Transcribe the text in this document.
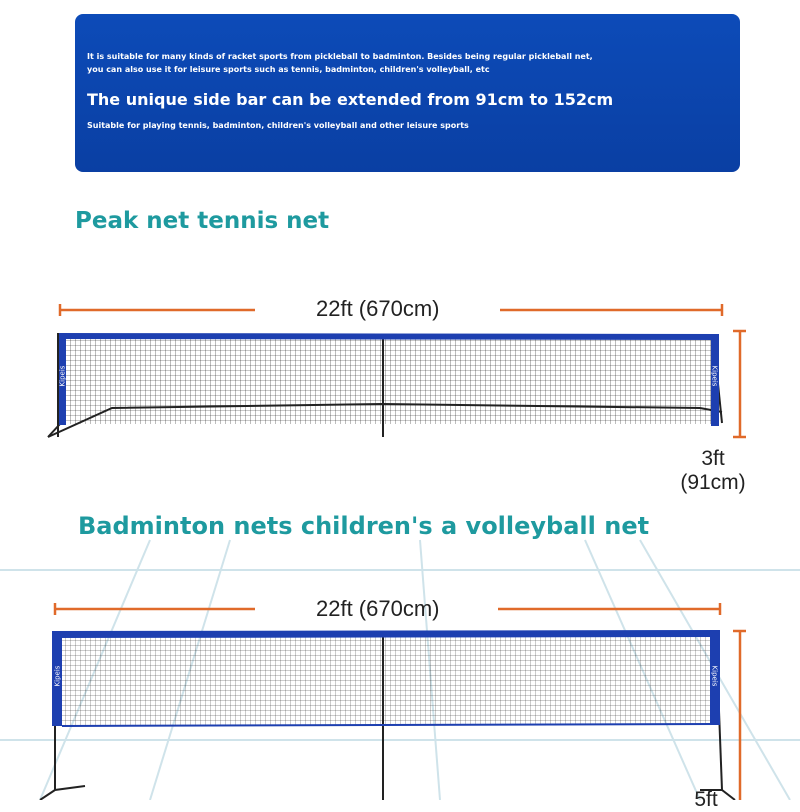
It is suitable for many kinds of racket sports from pickleball to badminton. Besides being regular pickleball net,
you can also use it for leisure sports such as tennis, badminton, children's volleyball, etc
The unique side bar can be extended from 91cm to 152cm
Suitable for playing tennis, badminton, children's volleyball and other leisure sports
Peak net tennis net
Badminton nets children's a volleyball net
Kipeis	Kipeis
Kipeis	Kipeis
22ft (670cm)
3ft
(91cm)
22ft (670cm)
5ft
